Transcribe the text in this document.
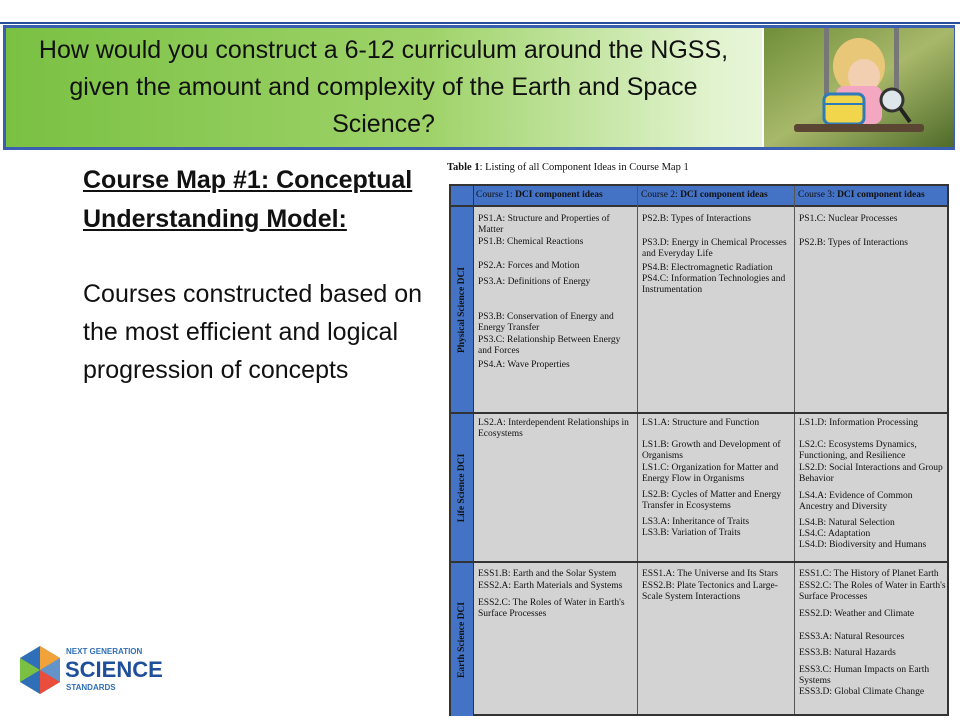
How would you construct a 6-12 curriculum around the NGSS, given the amount and complexity of the Earth and Space Science?
Course Map #1: Conceptual Understanding Model:
Courses constructed based on the most efficient and logical progression of concepts
NEXT GENERATION
SCIENCE
STANDARDS
Table 1: Listing of all Component Ideas in Course Map 1
Course 1: DCI component ideas	Course 2: DCI component ideas	Course 3: DCI component ideas
Physical Science DCI
Life Science DCI
Earth Science DCI
PS1.A: Structure and Properties of Matter
PS1.B: Chemical Reactions
PS2.A: Forces and Motion
PS3.A: Definitions of Energy
PS3.B: Conservation of Energy and Energy Transfer
PS3.C: Relationship Between Energy and Forces
PS4.A: Wave Properties
PS2.B: Types of Interactions
PS3.D: Energy in Chemical Processes and Everyday Life
PS4.B: Electromagnetic Radiation
PS4.C: Information Technologies and Instrumentation
PS1.C: Nuclear Processes
PS2.B: Types of Interactions
LS2.A: Interdependent Relationships in Ecosystems
LS1.A: Structure and Function
LS1.B: Growth and Development of Organisms
LS1.C: Organization for Matter and Energy Flow in Organisms
LS2.B: Cycles of Matter and Energy Transfer in Ecosystems
LS3.A: Inheritance of Traits
LS3.B: Variation of Traits
LS1.D: Information Processing
LS2.C: Ecosystems Dynamics, Functioning, and Resilience
LS2.D: Social Interactions and Group Behavior
LS4.A: Evidence of Common Ancestry and Diversity
LS4.B: Natural Selection
LS4.C: Adaptation
LS4.D: Biodiversity and Humans
ESS1.B: Earth and the Solar System
ESS2.A: Earth Materials and Systems
ESS2.C: The Roles of Water in Earth's Surface Processes
ESS1.A: The Universe and Its Stars
ESS2.B: Plate Tectonics and Large-Scale System Interactions
ESS1.C: The History of Planet Earth
ESS2.C: The Roles of Water in Earth's Surface Processes
ESS2.D: Weather and Climate
ESS3.A: Natural Resources
ESS3.B: Natural Hazards
ESS3.C: Human Impacts on Earth Systems
ESS3.D: Global Climate Change
